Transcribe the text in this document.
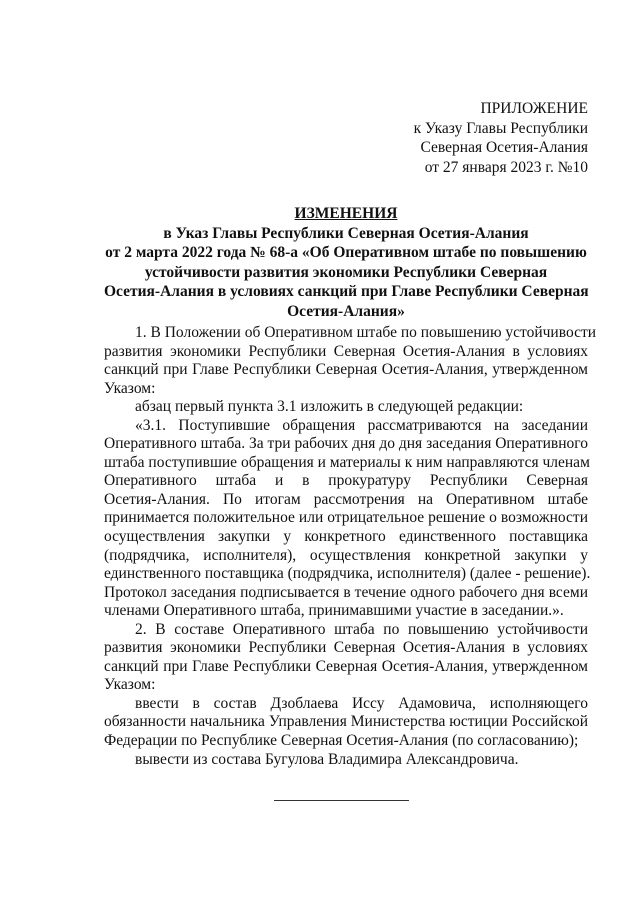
ПРИЛОЖЕНИЕ
к Указу Главы Республики
Северная Осетия-Алания
от 27 января 2023 г. №10
ИЗМЕНЕНИЯ
в Указ Главы Республики Северная Осетия-Алания
от 2 марта 2022 года № 68-а «Об Оперативном штабе по повышению
устойчивости развития экономики Республики Северная
Осетия-Алания в условиях санкций при Главе Республики Северная
Осетия-Алания»
1. В Положении об Оперативном штабе по повышению устойчивости
развития экономики Республики Северная Осетия-Алания в условиях
санкций при Главе Республики Северная Осетия-Алания, утвержденном
Указом:
абзац первый пункта 3.1 изложить в следующей редакции:
«3.1. Поступившие обращения рассматриваются на заседании
Оперативного штаба. За три рабочих дня до дня заседания Оперативного
штаба поступившие обращения и материалы к ним направляются членам
Оперативного штаба и в прокуратуру Республики Северная
Осетия-Алания. По итогам рассмотрения на Оперативном штабе
принимается положительное или отрицательное решение о возможности
осуществления закупки у конкретного единственного поставщика
(подрядчика, исполнителя), осуществления конкретной закупки у
единственного поставщика (подрядчика, исполнителя) (далее - решение).
Протокол заседания подписывается в течение одного рабочего дня всеми
членами Оперативного штаба, принимавшими участие в заседании.».
2. В составе Оперативного штаба по повышению устойчивости
развития экономики Республики Северная Осетия-Алания в условиях
санкций при Главе Республики Северная Осетия-Алания, утвержденном
Указом:
ввести в состав Дзоблаева Иссу Адамовича, исполняющего
обязанности начальника Управления Министерства юстиции Российской
Федерации по Республике Северная Осетия-Алания (по согласованию);
вывести из состава Бугулова Владимира Александровича.
